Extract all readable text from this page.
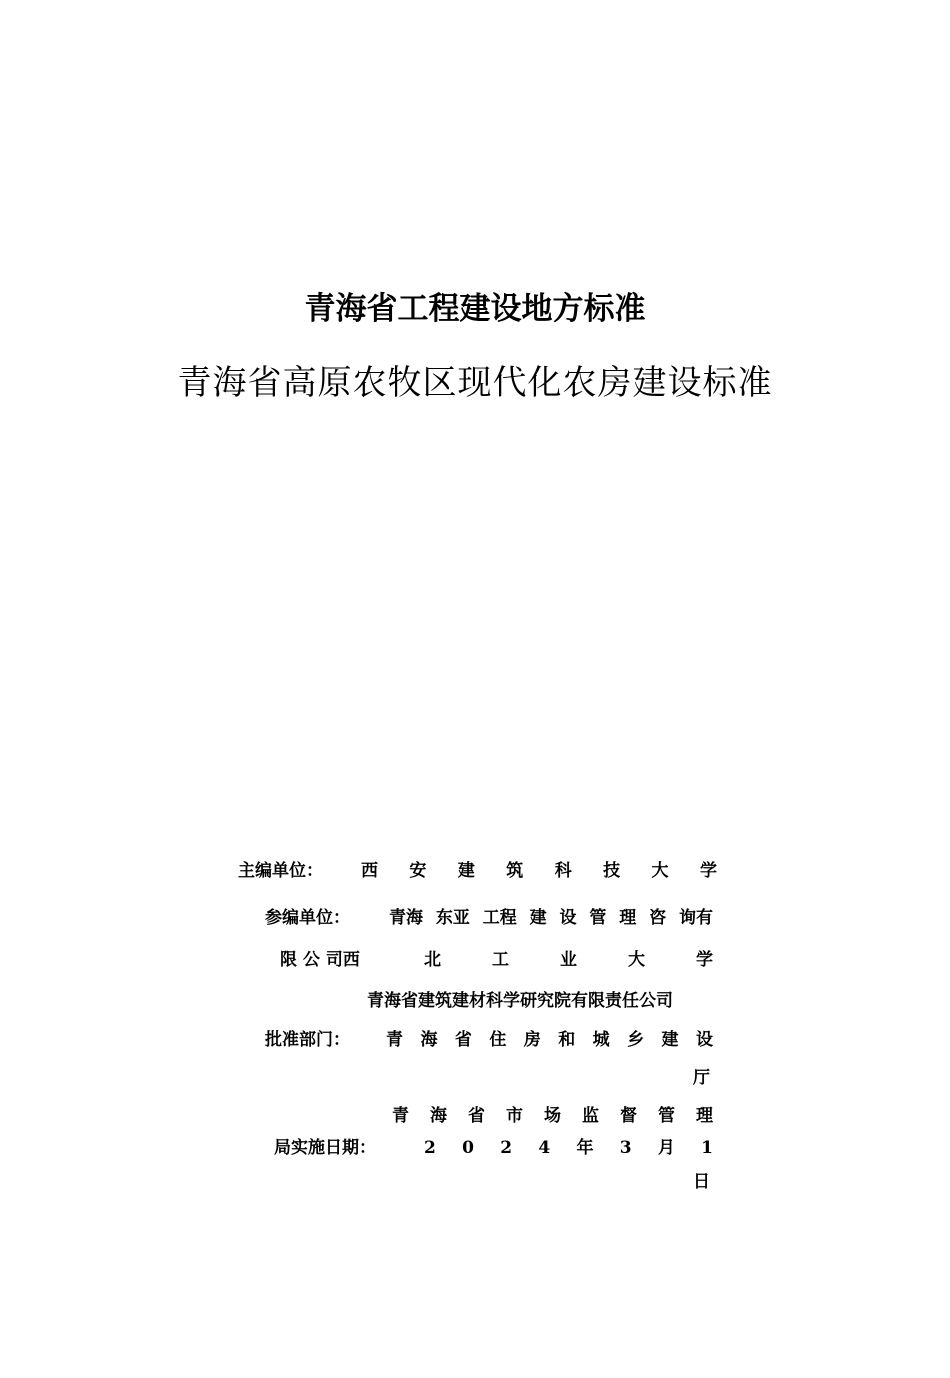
青海省工程建设地方标准
青海省高原农牧区现代化农房建设标准
主编单位： 西 安 建 筑 科 技 大 学
参编单位： 青海 东亚 工程 建 设 管 理 咨 询有
限 公 司西	北	工	业	大	学
青海省建筑建材科学研究院有限责任公司
批准部门： 青 海 省 住 房 和 城 乡 建 设
厅
青 海 省 市 场 监 督 管 理
局实施日期：	2 0 2 4 年 3 月 1
日
